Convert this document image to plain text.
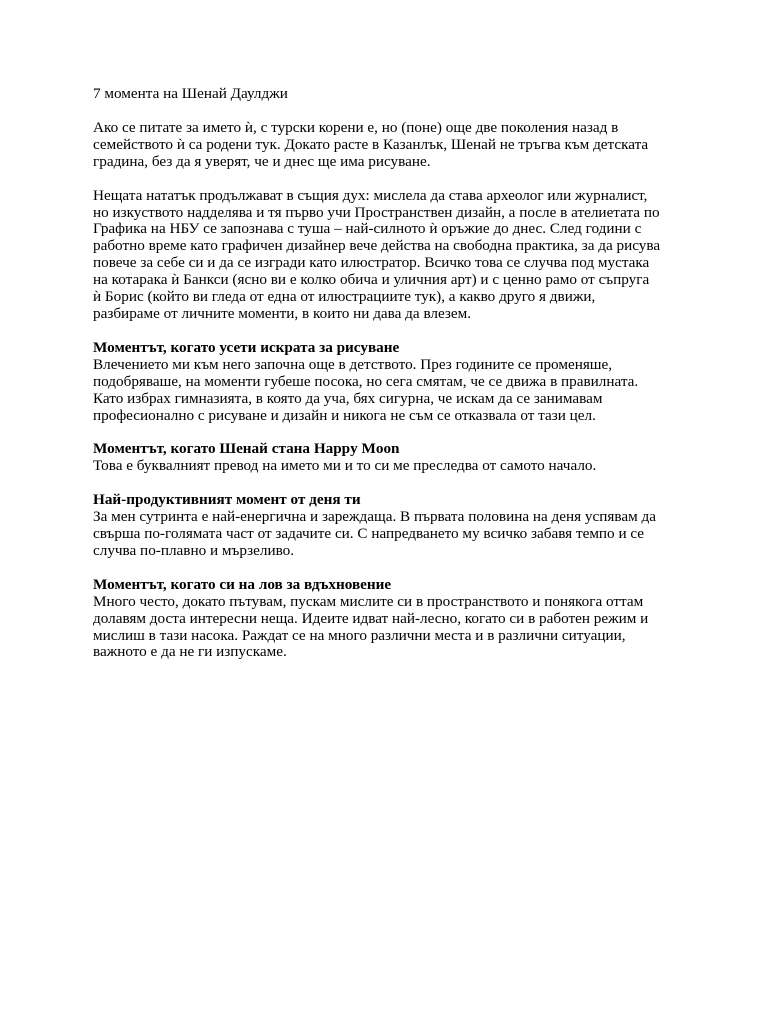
7 момента на Шенай Даулджи
Ако се питате за името ѝ, с турски корени е, но (поне) още две поколения назад в
семейството ѝ са родени тук. Докато расте в Казанлък, Шенай не тръгва към детската
градина, без да я уверят, че и днес ще има рисуване.
Нещата нататък продължават в същия дух: мислела да става археолог или журналист,
но изкуството надделява и тя първо учи Пространствен дизайн, а после в ателиетата по
Графика на НБУ се запознава с туша – най-силното ѝ оръжие до днес. След години с
работно време като графичен дизайнер вече действа на свободна практика, за да рисува
повече за себе си и да се изгради като илюстратор. Всичко това се случва под мустака
на котарака ѝ Банкси (ясно ви е колко обича и уличния арт) и с ценно рамо от съпруга
ѝ Борис (който ви гледа от една от илюстрациите тук), а какво друго я движи,
разбираме от личните моменти, в които ни дава да влезем.
Моментът, когато усети искрата за рисуване
Влечението ми към него започна още в детството. През годините се променяше,
подобряваше, на моменти губеше посока, но сега смятам, че се движа в правилната.
Като избрах гимназията, в която да уча, бях сигурна, че искам да се занимавам
професионално с рисуване и дизайн и никога не съм се отказвала от тази цел.
Моментът, когато Шенай стана Happy Moon
Това е буквалният превод на името ми и то си ме преследва от самото начало.
Най-продуктивният момент от деня ти
За мен сутринта е най-енергична и зареждаща. В първата половина на деня успявам да
свърша по-голямата част от задачите си. С напредването му всичко забавя темпо и се
случва по-плавно и мързеливо.
Моментът, когато си на лов за вдъхновение
Много често, докато пътувам, пускам мислите си в пространството и понякога оттам
долавям доста интересни неща. Идеите идват най-лесно, когато си в работен режим и
мислиш в тази насока. Раждат се на много различни места и в различни ситуации,
важното е да не ги изпускаме.
